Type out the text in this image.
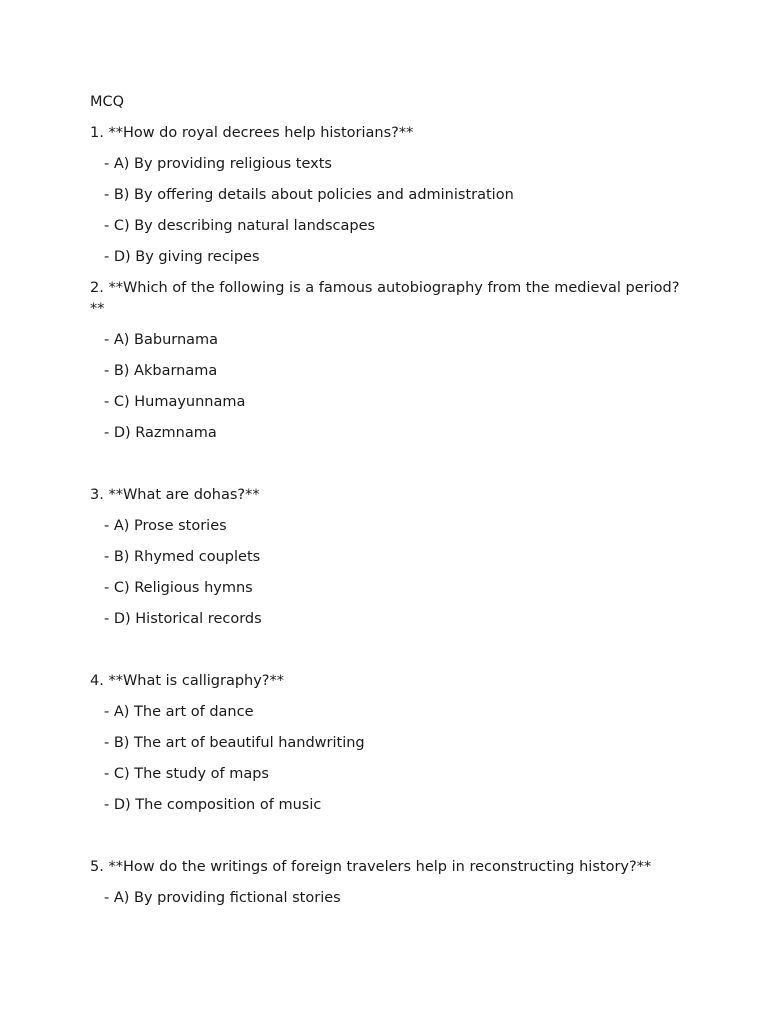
MCQ
1. **How do royal decrees help historians?**
- A) By providing religious texts
- B) By offering details about policies and administration
- C) By describing natural landscapes
- D) By giving recipes
2. **Which of the following is a famous autobiography from the medieval period?**
- A) Baburnama
- B) Akbarnama
- C) Humayunnama
- D) Razmnama
3. **What are dohas?**
- A) Prose stories
- B) Rhymed couplets
- C) Religious hymns
- D) Historical records
4. **What is calligraphy?**
- A) The art of dance
- B) The art of beautiful handwriting
- C) The study of maps
- D) The composition of music
5. **How do the writings of foreign travelers help in reconstructing history?**
- A) By providing fictional stories
